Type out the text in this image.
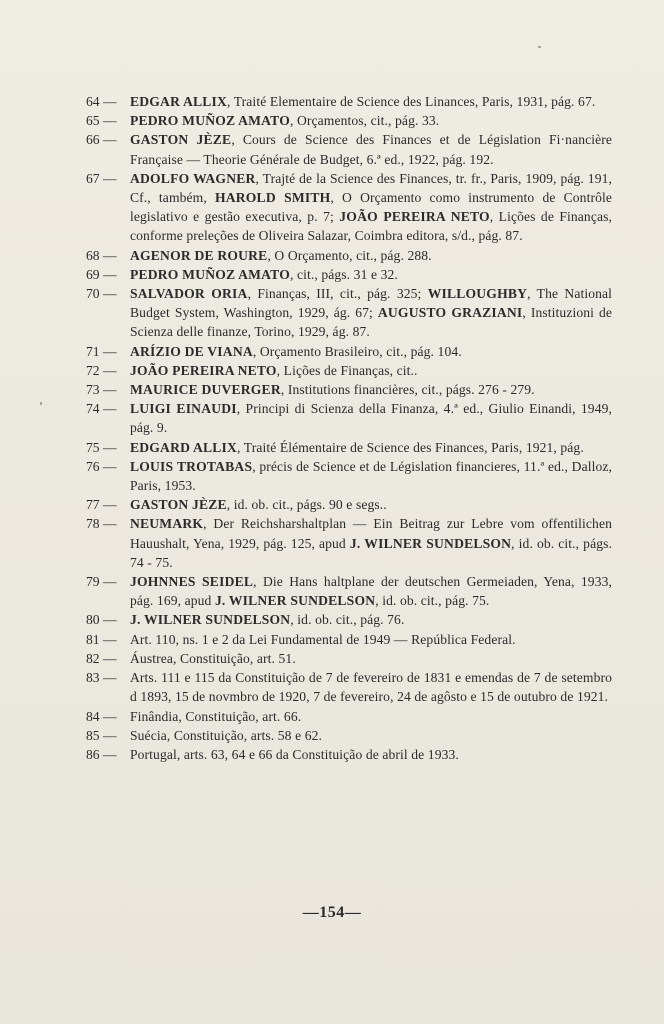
64 — EDGAR ALLIX, Traité Elementaire de Science des Linances, Paris, 1931, pág. 67.
65 — PEDRO MUÑOZ AMATO, Orçamentos, cit., pág. 33.
66 — GASTON JÈZE, Cours de Science des Finances et de Législation Fi·nancière Française — Theorie Générale de Budget, 6.ª ed., 1922, pág. 192.
67 — ADOLFO WAGNER, Trajté de la Science des Finances, tr. fr., Paris, 1909, pág. 191, Cf., também, HAROLD SMITH, O Orçamento como instrumento de Contrôle legislativo e gestão executiva, p. 7; JOÃO PEREIRA NETO, Lições de Finanças, conforme preleções de Oliveira Salazar, Coimbra editora, s/d., pág. 87.
68 — AGENOR DE ROURE, O Orçamento, cit., pág. 288.
69 — PEDRO MUÑOZ AMATO, cit., págs. 31 e 32.
70 — SALVADOR ORIA, Finanças, III, cit., pág. 325; WILLOUGHBY, The National Budget System, Washington, 1929, ág. 67; AUGUSTO GRAZIANI, Instituzioni de Scienza delle finanze, Torino, 1929, ág. 87.
71 — ARÍZIO DE VIANA, Orçamento Brasileiro, cit., pág. 104.
72 — JOÃO PEREIRA NETO, Lições de Finanças, cit..
73 — MAURICE DUVERGER, Institutions financières, cit., págs. 276 - 279.
74 — LUIGI EINAUDI, Principi di Scienza della Finanza, 4.ª ed., Giulio Einandi, 1949, pág. 9.
75 — EDGARD ALLIX, Traité Élémentaire de Science des Finances, Paris, 1921, pág.
76 — LOUIS TROTABAS, précis de Science et de Législation financieres, 11.ª ed., Dalloz, Paris, 1953.
77 — GASTON JÈZE, id. ob. cit., págs. 90 e segs..
78 — NEUMARK, Der Reichsharshaltplan — Ein Beitrag zur Lebre vom offentilichen Hauushalt, Yena, 1929, pág. 125, apud J. WILNER SUNDELSON, id. ob. cit., págs. 74 - 75.
79 — JOHNNES SEIDEL, Die Hans haltplane der deutschen Germeiaden, Yena, 1933, pág. 169, apud J. WILNER SUNDELSON, id. ob. cit., pág. 75.
80 — J. WILNER SUNDELSON, id. ob. cit., pág. 76.
81 — Art. 110, ns. 1 e 2 da Lei Fundamental de 1949 — República Federal.
82 — Áustrea, Constituição, art. 51.
83 — Arts. 111 e 115 da Constituição de 7 de fevereiro de 1831 e emendas de 7 de setembro d 1893, 15 de novmbro de 1920, 7 de fevereiro, 24 de agôsto e 15 de outubro de 1921.
84 — Finândia, Constituição, art. 66.
85 — Suécia, Constituição, arts. 58 e 62.
86 — Portugal, arts. 63, 64 e 66 da Constituição de abril de 1933.
—154—
